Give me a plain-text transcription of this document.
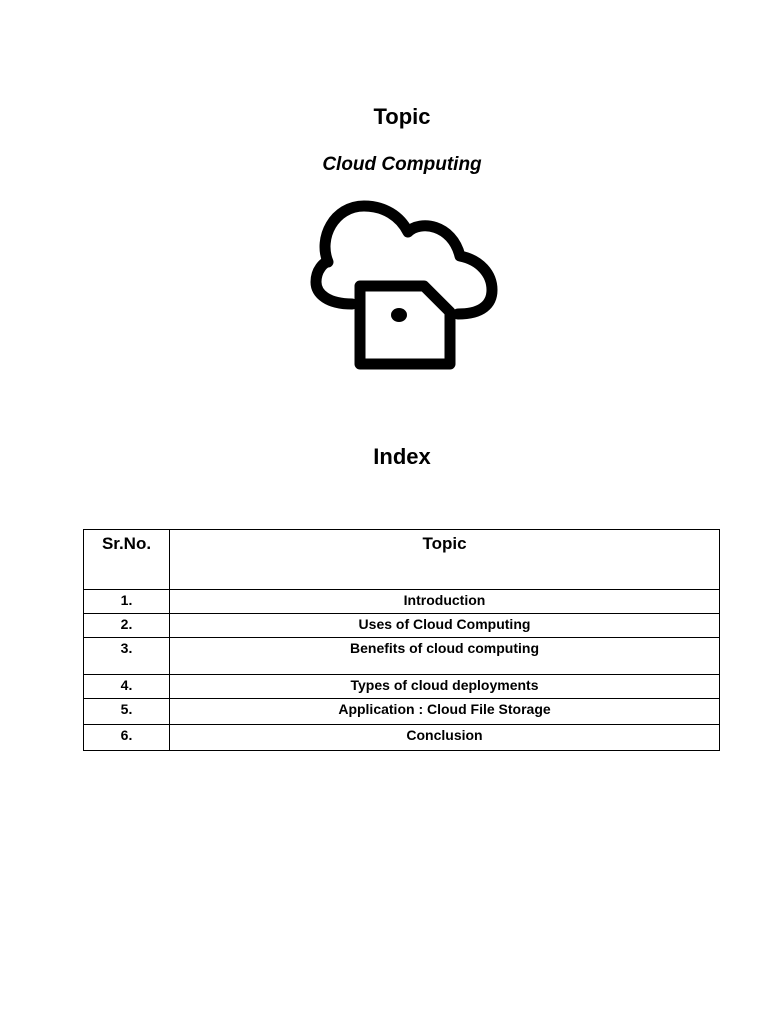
Topic
Cloud Computing
Index
Sr.No.	Topic
1.	Introduction
2.	Uses of Cloud Computing
3.	Benefits of cloud computing
4.	Types of cloud deployments
5.	Application : Cloud File Storage
6.	Conclusion
